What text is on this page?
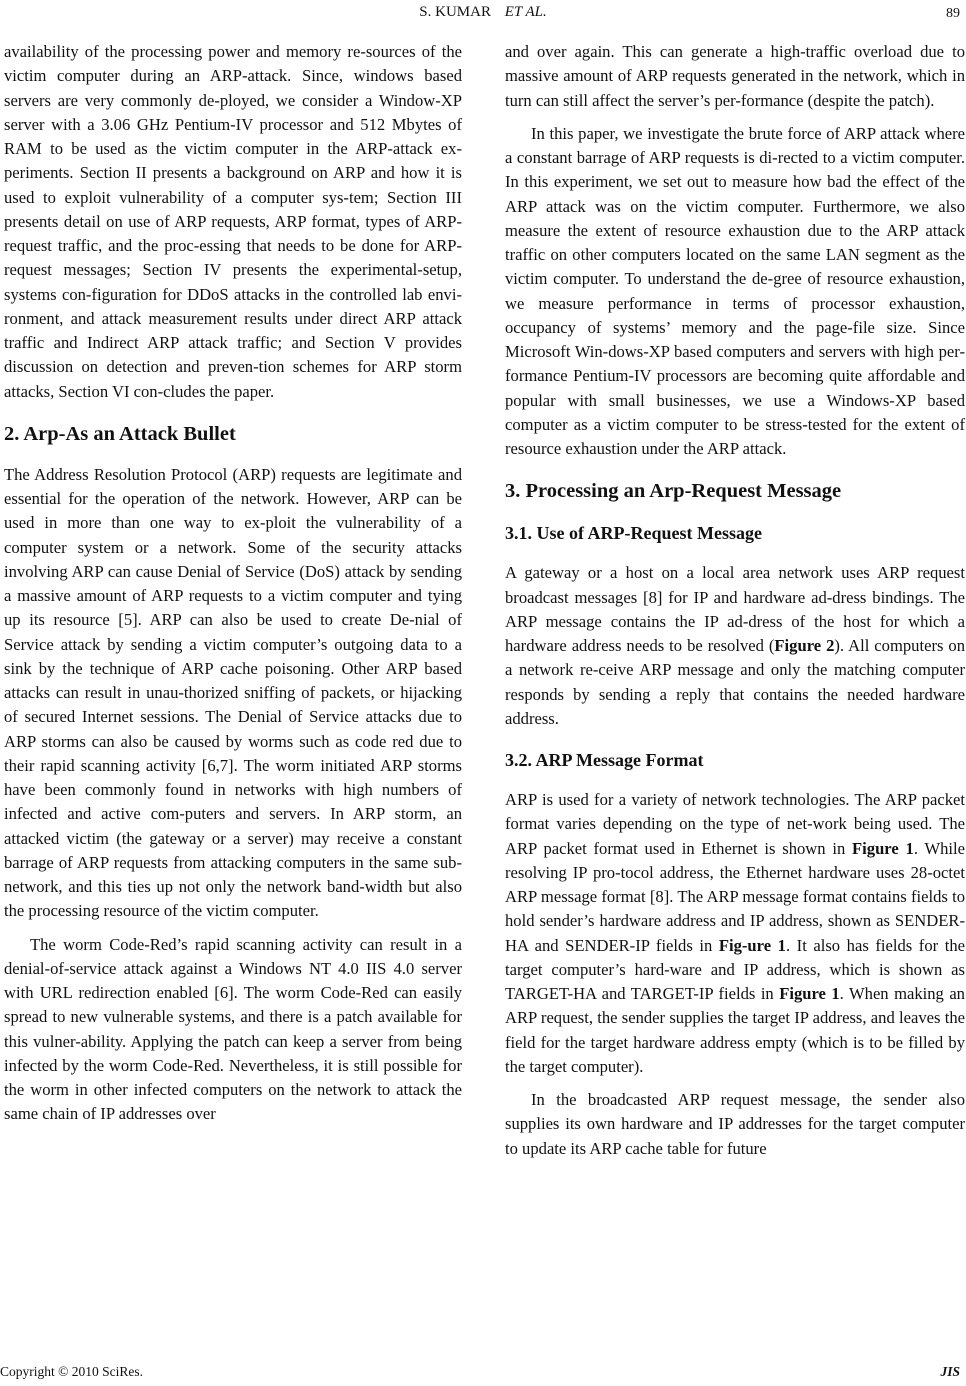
S. KUMAR ET AL.	89

availability of the processing power and memory re-sources of the victim computer during an ARP-attack. Since, windows based servers are very commonly de-ployed, we consider a Window-XP server with a 3.06 GHz Pentium-IV processor and 512 Mbytes of RAM to be used as the victim computer in the ARP-attack ex-periments. Section II presents a background on ARP and how it is used to exploit vulnerability of a computer sys-tem; Section III presents detail on use of ARP requests, ARP format, types of ARP-request traffic, and the proc-essing that needs to be done for ARP-request messages; Section IV presents the experimental-setup, systems con-figuration for DDoS attacks in the controlled lab envi-ronment, and attack measurement results under direct ARP attack traffic and Indirect ARP attack traffic; and Section V provides discussion on detection and preven-tion schemes for ARP storm attacks, Section VI con-cludes the paper.

2. Arp-As an Attack Bullet

The Address Resolution Protocol (ARP) requests are legitimate and essential for the operation of the network. However, ARP can be used in more than one way to ex-ploit the vulnerability of a computer system or a network. Some of the security attacks involving ARP can cause Denial of Service (DoS) attack by sending a massive amount of ARP requests to a victim computer and tying up its resource [5]. ARP can also be used to create De-nial of Service attack by sending a victim computer’s outgoing data to a sink by the technique of ARP cache poisoning. Other ARP based attacks can result in unau-thorized sniffing of packets, or hijacking of secured Internet sessions. The Denial of Service attacks due to ARP storms can also be caused by worms such as code red due to their rapid scanning activity [6,7]. The worm initiated ARP storms have been commonly found in networks with high numbers of infected and active com-puters and servers. In ARP storm, an attacked victim (the gateway or a server) may receive a constant barrage of ARP requests from attacking computers in the same sub-network, and this ties up not only the network band-width but also the processing resource of the victim computer.

The worm Code-Red’s rapid scanning activity can result in a denial-of-service attack against a Windows NT 4.0 IIS 4.0 server with URL redirection enabled [6]. The worm Code-Red can easily spread to new vulnerable systems, and there is a patch available for this vulner-ability. Applying the patch can keep a server from being infected by the worm Code-Red. Nevertheless, it is still possible for the worm in other infected computers on the network to attack the same chain of IP addresses over

and over again. This can generate a high-traffic overload due to massive amount of ARP requests generated in the network, which in turn can still affect the server’s per-formance (despite the patch).

In this paper, we investigate the brute force of ARP attack where a constant barrage of ARP requests is di-rected to a victim computer. In this experiment, we set out to measure how bad the effect of the ARP attack was on the victim computer. Furthermore, we also measure the extent of resource exhaustion due to the ARP attack traffic on other computers located on the same LAN segment as the victim computer. To understand the de-gree of resource exhaustion, we measure performance in terms of processor exhaustion, occupancy of systems’ memory and the page-file size. Since Microsoft Win-dows-XP based computers and servers with high per-formance Pentium-IV processors are becoming quite affordable and popular with small businesses, we use a Windows-XP based computer as a victim computer to be stress-tested for the extent of resource exhaustion under the ARP attack.

3. Processing an Arp-Request Message
3.1. Use of ARP-Request Message

A gateway or a host on a local area network uses ARP request broadcast messages [8] for IP and hardware ad-dress bindings. The ARP message contains the IP ad-dress of the host for which a hardware address needs to be resolved (Figure 2). All computers on a network re-ceive ARP message and only the matching computer responds by sending a reply that contains the needed hardware address.

3.2. ARP Message Format

ARP is used for a variety of network technologies. The ARP packet format varies depending on the type of net-work being used. The ARP packet format used in Ethernet is shown in Figure 1. While resolving IP pro-tocol address, the Ethernet hardware uses 28-octet ARP message format [8]. The ARP message format contains fields to hold sender’s hardware address and IP address, shown as SENDER-HA and SENDER-IP fields in Fig-ure 1. It also has fields for the target computer’s hard-ware and IP address, which is shown as TARGET-HA and TARGET-IP fields in Figure 1. When making an ARP request, the sender supplies the target IP address, and leaves the field for the target hardware address empty (which is to be filled by the target computer).

In the broadcasted ARP request message, the sender also supplies its own hardware and IP addresses for the target computer to update its ARP cache table for future

Copyright © 2010 SciRes.	JIS
